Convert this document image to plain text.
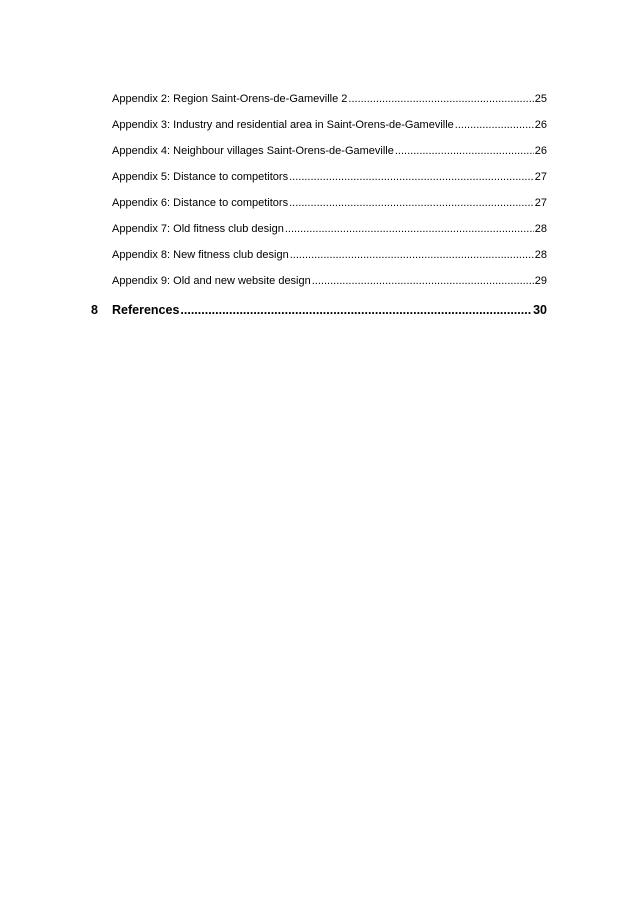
Appendix 2: Region Saint-Orens-de-Gameville 2 .....	25
Appendix 3: Industry and residential area in Saint-Orens-de-Gameville .....	26
Appendix 4: Neighbour villages Saint-Orens-de-Gameville .....	26
Appendix 5: Distance to competitors .....	27
Appendix 6: Distance to competitors .....	27
Appendix 7: Old fitness club design .....	28
Appendix 8: New fitness club design .....	28
Appendix 9: Old and new website design .....	29
8	References .....	30
